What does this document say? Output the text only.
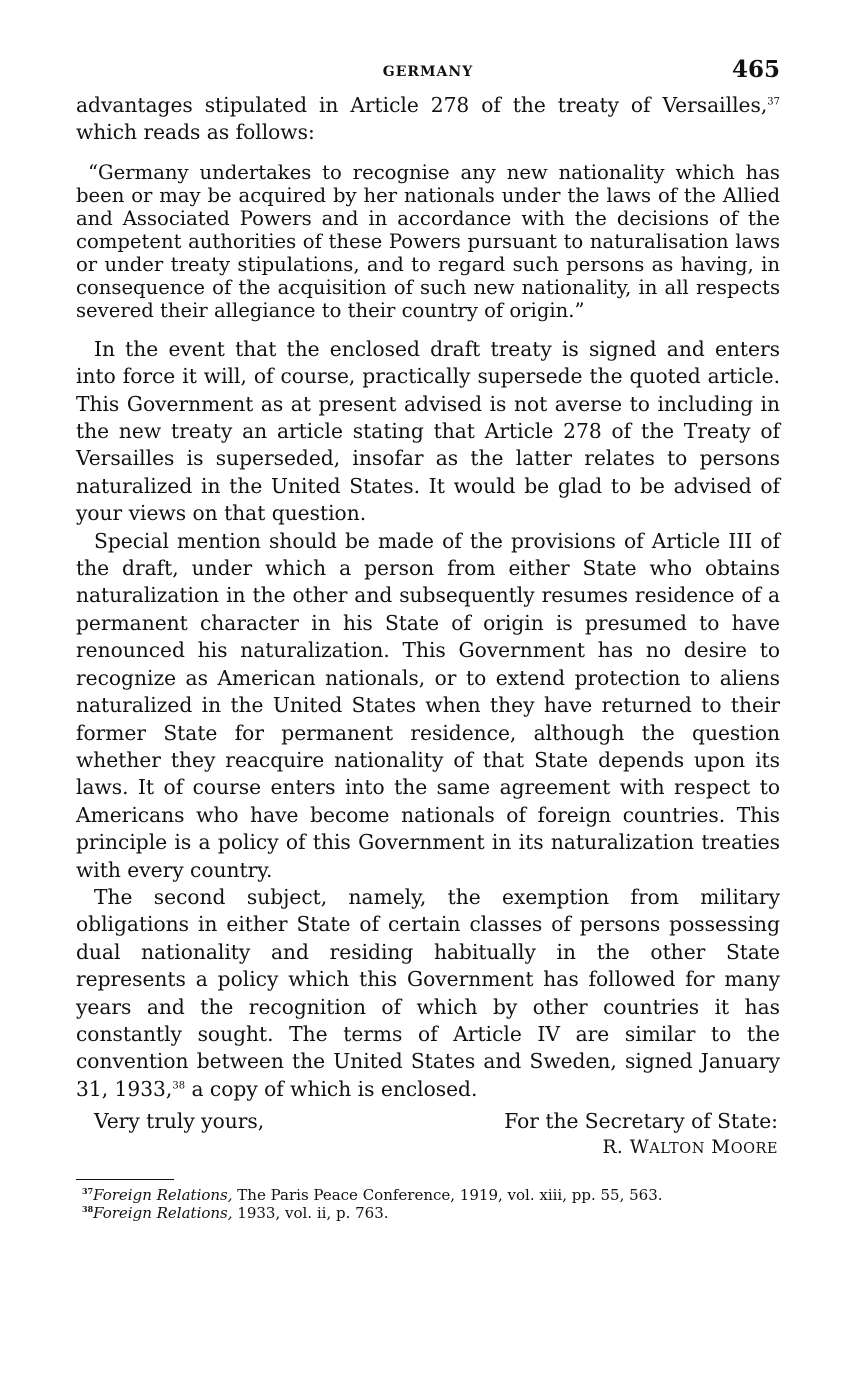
GERMANY	465

advantages stipulated in Article 278 of the treaty of Versailles,$^{37}$ which reads as follows:

“Germany undertakes to recognise any new nationality which has been or may be acquired by her nationals under the laws of the Allied and Associated Powers and in accordance with the decisions of the competent authorities of these Powers pursuant to naturalisation laws or under treaty stipulations, and to regard such persons as having, in consequence of the acquisition of such new nationality, in all respects severed their allegiance to their country of origin.”

In the event that the enclosed draft treaty is signed and enters into force it will, of course, practically supersede the quoted article. This Government as at present advised is not averse to including in the new treaty an article stating that Article 278 of the Treaty of Versailles is superseded, insofar as the latter relates to persons naturalized in the United States. It would be glad to be advised of your views on that question.

Special mention should be made of the provisions of Article III of the draft, under which a person from either State who obtains naturalization in the other and subsequently resumes residence of a permanent character in his State of origin is presumed to have renounced his naturalization. This Government has no desire to recognize as American nationals, or to extend protection to aliens naturalized in the United States when they have returned to their former State for permanent residence, although the question whether they reacquire nationality of that State depends upon its laws. It of course enters into the same agreement with respect to Americans who have become nationals of foreign countries. This principle is a policy of this Government in its naturalization treaties with every country.

The second subject, namely, the exemption from military obligations in either State of certain classes of persons possessing dual nationality and residing habitually in the other State represents a policy which this Government has followed for many years and the recognition of which by other countries it has constantly sought. The terms of Article IV are similar to the convention between the United States and Sweden, signed January 31, 1933,38 a copy of which is enclosed.

Very truly yours,	For the Secretary of State:
R. WALTON MOORE

$^{37}$Foreign Relations, The Paris Peace Conference, 1919, vol. xiii, pp. 55, 563.

$^{38}$Foreign Relations, 1933, vol. ii, p. 763.
